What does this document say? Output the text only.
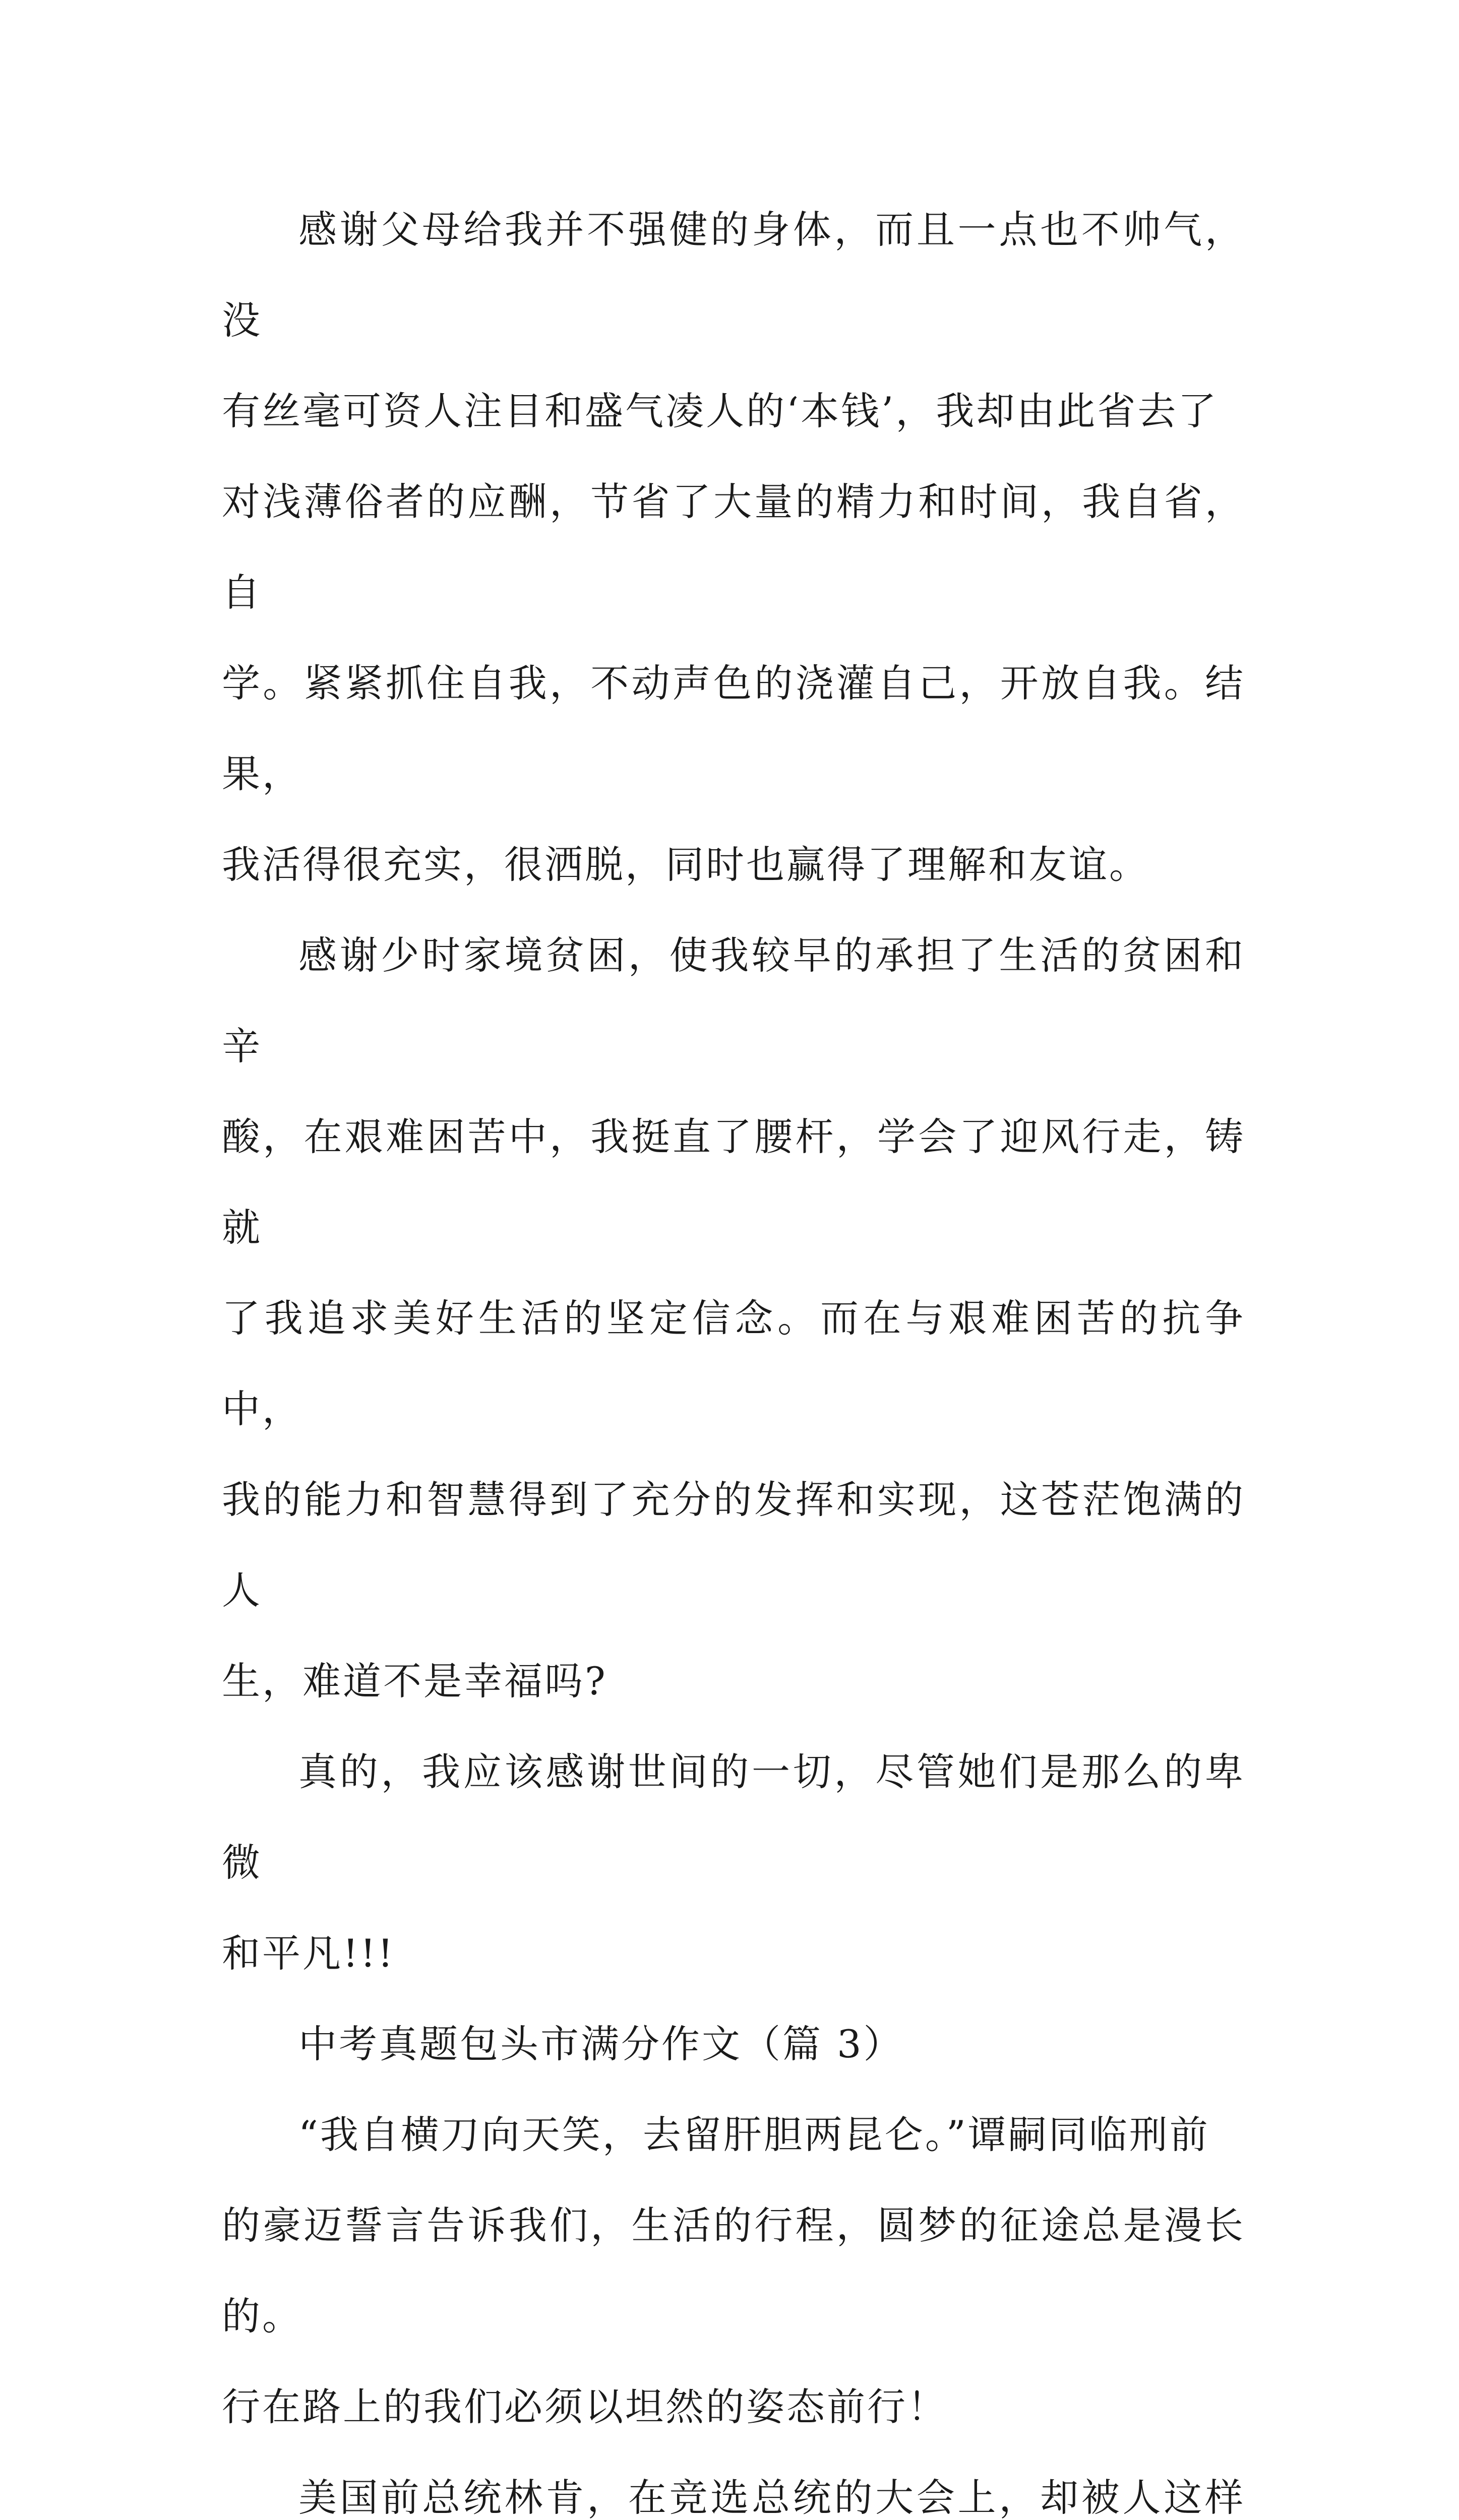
感谢父母给我并不强健的身体，而且一点也不帅气，没
有丝毫可资人注目和盛气凌人的‘本钱’，我却由此省去了
对浅薄俗者的应酬，节省了大量的精力和时间，我自省，自
学。紧紧抓住自我，不动声色的浇灌自己，开放自我。结果，
我活得很充实，很洒脱，同时也赢得了理解和友谊。

感谢少时家境贫困，使我较早的承担了生活的贫困和辛
酸，在艰难困苦中，我挺直了腰杆，学会了迎风行走，铸就
了我追求美好生活的坚定信念。而在与艰难困苦的抗争中，
我的能力和智慧得到了充分的发挥和实现，这苍茫饱满的人
生，难道不是幸福吗?

真的，我应该感谢世间的一切，尽管她们是那么的卑微
和平凡!!!

中考真题包头市满分作文（篇 3）

“我自横刀向天笑，去留肝胆两昆仑。”谭嗣同临刑前
的豪迈誓言告诉我们，生活的行程，圆梦的征途总是漫长的。
行在路上的我们必须以坦然的姿态前行！

美国前总统林肯，在竞选总统的大会上，却被人这样
